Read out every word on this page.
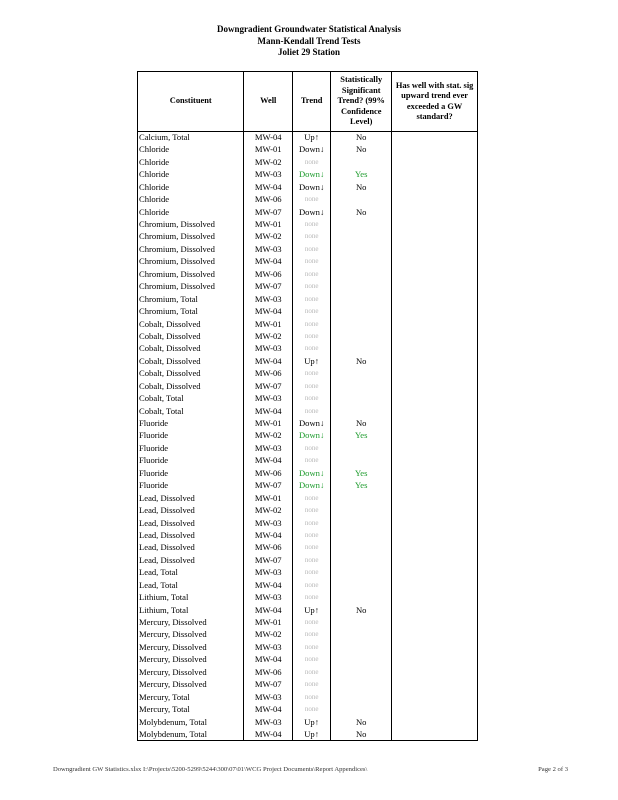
Downgradient Groundwater Statistical Analysis
Mann-Kendall Trend Tests
Joliet 29 Station
Constituent	Well	Trend	Statistically Significant Trend? (99% Confidence Level)	Has well with stat. sig upward trend ever exceeded a GW standard?
Calcium, Total	MW-04	Up↑	No	
Chloride	MW-01	Down↓	No	
Chloride	MW-02	none		
Chloride	MW-03	Down↓	Yes	
Chloride	MW-04	Down↓	No	
Chloride	MW-06	none		
Chloride	MW-07	Down↓	No	
Chromium, Dissolved	MW-01	none		
Chromium, Dissolved	MW-02	none		
Chromium, Dissolved	MW-03	none		
Chromium, Dissolved	MW-04	none		
Chromium, Dissolved	MW-06	none		
Chromium, Dissolved	MW-07	none		
Chromium, Total	MW-03	none		
Chromium, Total	MW-04	none		
Cobalt, Dissolved	MW-01	none		
Cobalt, Dissolved	MW-02	none		
Cobalt, Dissolved	MW-03	none		
Cobalt, Dissolved	MW-04	Up↑	No	
Cobalt, Dissolved	MW-06	none		
Cobalt, Dissolved	MW-07	none		
Cobalt, Total	MW-03	none		
Cobalt, Total	MW-04	none		
Fluoride	MW-01	Down↓	No	
Fluoride	MW-02	Down↓	Yes	
Fluoride	MW-03	none		
Fluoride	MW-04	none		
Fluoride	MW-06	Down↓	Yes	
Fluoride	MW-07	Down↓	Yes	
Lead, Dissolved	MW-01	none		
Lead, Dissolved	MW-02	none		
Lead, Dissolved	MW-03	none		
Lead, Dissolved	MW-04	none		
Lead, Dissolved	MW-06	none		
Lead, Dissolved	MW-07	none		
Lead, Total	MW-03	none		
Lead, Total	MW-04	none		
Lithium, Total	MW-03	none		
Lithium, Total	MW-04	Up↑	No	
Mercury, Dissolved	MW-01	none		
Mercury, Dissolved	MW-02	none		
Mercury, Dissolved	MW-03	none		
Mercury, Dissolved	MW-04	none		
Mercury, Dissolved	MW-06	none		
Mercury, Dissolved	MW-07	none		
Mercury, Total	MW-03	none		
Mercury, Total	MW-04	none		
Molybdenum, Total	MW-03	Up↑	No	
Molybdenum, Total	MW-04	Up↑	No	
Downgradient GW Statistics.xlsx I:\Projects\5200-5299\5244\300\07\01\WCG Project Documents\Report Appendices\	Page 2 of 3
